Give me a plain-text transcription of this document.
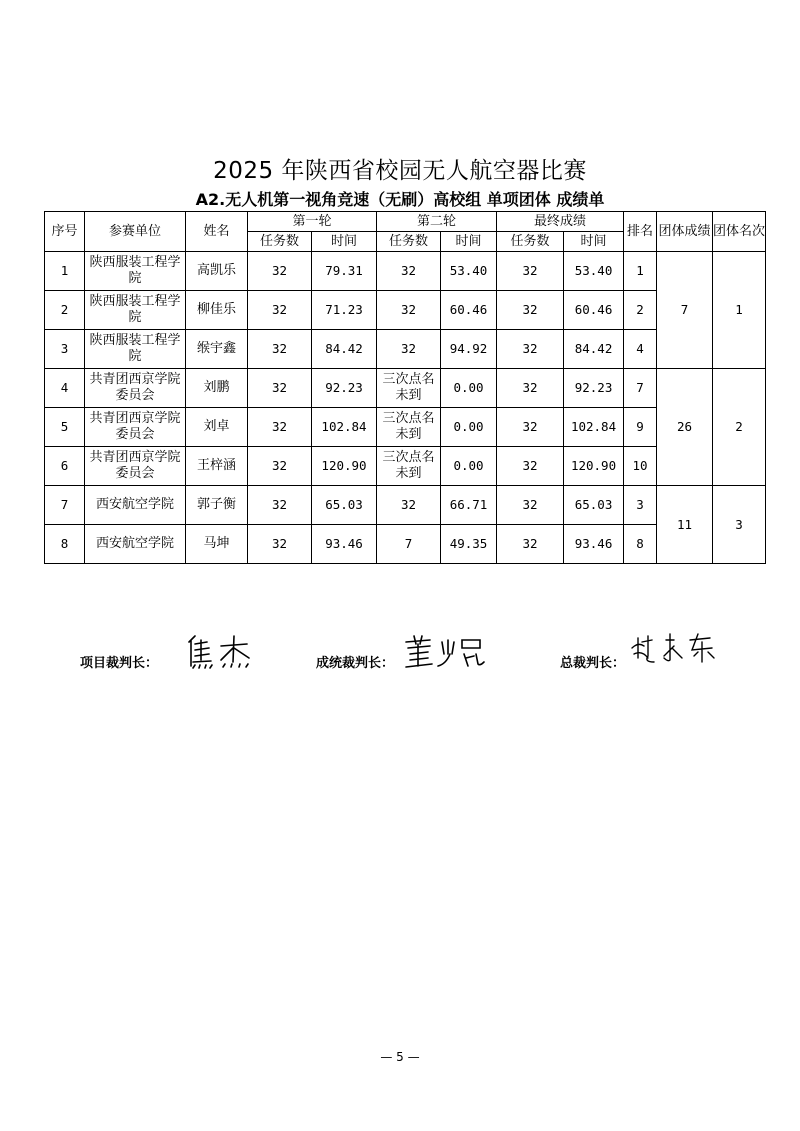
2025 年陕西省校园无人航空器比赛
A2.无人机第一视角竞速（无刷）高校组 单项团体 成绩单
序号	参赛单位	姓名	第一轮		第二轮		最终成绩		排名	团体成绩	团体名次
			任务数	时间	任务数	时间	任务数	时间			
1	陕西服装工程学院	高凯乐	32	79.31	32	53.40	32	53.40	1	7	1
2	陕西服装工程学院	柳佳乐	32	71.23	32	60.46	32	60.46	2		
3	陕西服装工程学院	缑宇鑫	32	84.42	32	94.92	32	84.42	4		
4	共青团西京学院委员会	刘鹏	32	92.23	三次点名未到	0.00	32	92.23	7	26	2
5	共青团西京学院委员会	刘卓	32	102.84	三次点名未到	0.00	32	102.84	9		
6	共青团西京学院委员会	王梓涵	32	120.90	三次点名未到	0.00	32	120.90	10		
7	西安航空学院	郭子衡	32	65.03	32	66.71	32	65.03	3	11	3
8	西安航空学院	马坤	32	93.46	7	49.35	32	93.46	8		
项目裁判长：	成统裁判长：	总裁判长：
— 5 —
